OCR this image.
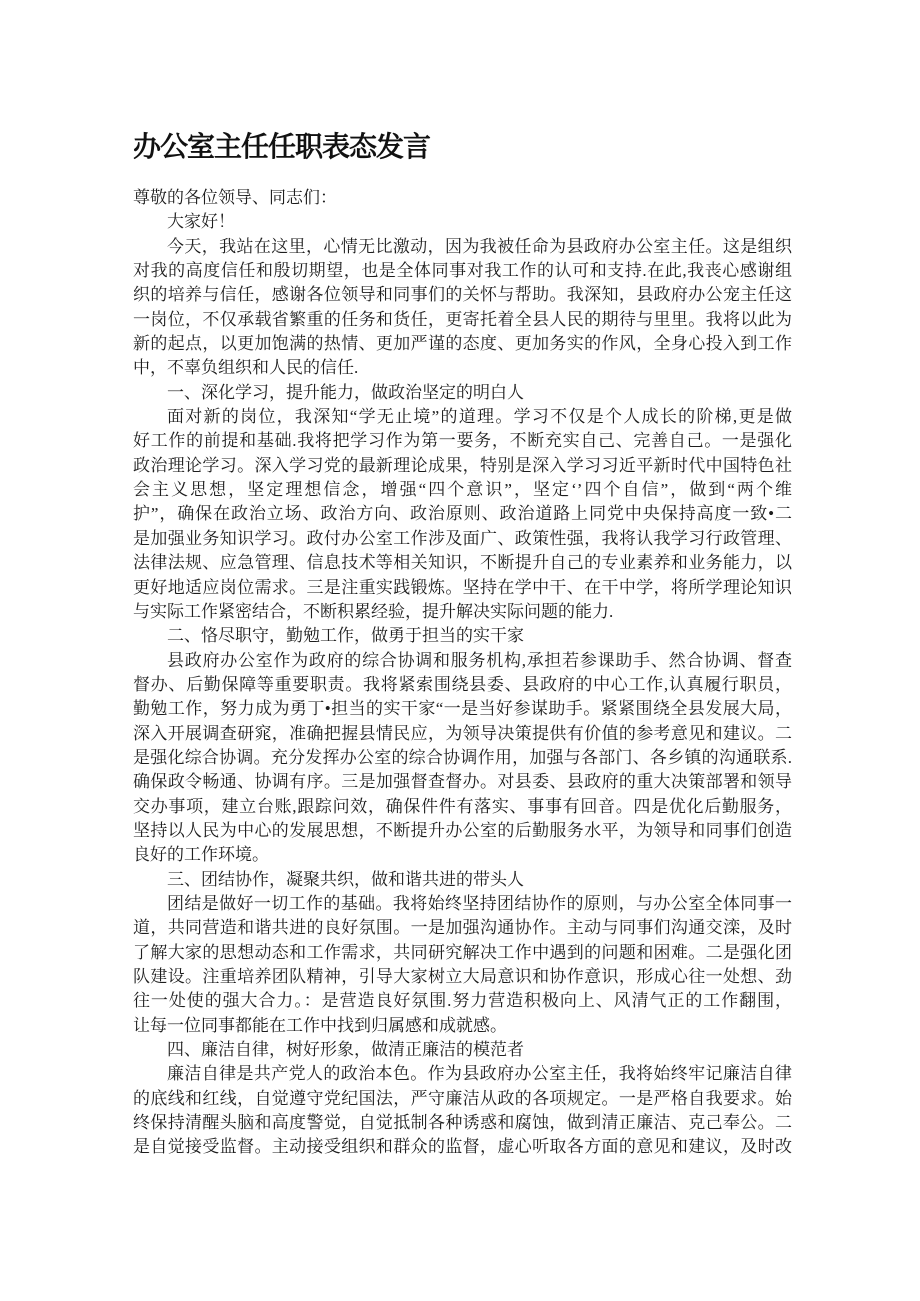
办公室主任任职表态发言
尊敬的各位领导、同志们：
大家好！
今天，我站在这里，心情无比激动，因为我被任命为县政府办公室主任。这是组织
对我的高度信任和殷切期望，也是全体同事对我工作的认可和支持.在此,我丧心感谢组
织的培养与信任，感谢各位领导和同事们的关怀与帮助。我深知，县政府办公宠主任这
一岗位，不仅承载省繁重的任务和货任，更寄托着全县人民的期待与里里。我将以此为
新的起点，以更加饱满的热情、更加严谨的态度、更加务实的作风，全身心投入到工作
中，不辜负组织和人民的信任.
一、深化学习，提升能力，做政治坚定的明白人
面对新的岗位，我深知“学无止境”的道理。学习不仅是个人成长的阶梯,更是做
好工作的前提和基础.我将把学习作为第一要务，不断充实自己、完善自己。一是强化
政治理论学习。深入学习党的最新理论成果，特别是深入学习习近平新时代中国特色社
会主义思想，坚定理想信念，增强“四个意识”，坚定‘’四个自信”，做到“两个维
护”，确保在政治立场、政治方向、政治原则、政治道路上同党中央保持高度一致•二
是加强业务知识学习。政付办公室工作涉及面广、政策性强，我将认我学习行政管理、
法律法规、应急管理、信息技术等相关知识，不断提升自己的专业素养和业务能力，以
更好地适应岗位需求。三是注重实践锻炼。坚持在学中干、在干中学，将所学理论知识
与实际工作紧密结合，不断积累经验，提升解决实际问题的能力.
二、恪尽职守，勤勉工作，做勇于担当的实干家
县政府办公室作为政府的综合协调和服务机构,承担若参课助手、然合协调、督查
督办、后勤保障等重要职责。我将紧索围绕县委、县政府的中心工作,认真履行职员，
勤勉工作，努力成为勇丁•担当的实干家“一是当好参谋助手。紧紧围绕全县发展大局，
深入开展调查研窕，准确把握县情民应，为领导决策提供有价值的参考意见和建议。二
是强化综合协调。充分发挥办公室的综合协调作用，加强与各部门、各乡镇的沟通联系.
确保政令畅通、协调有序。三是加强督查督办。对县委、县政府的重大决策部署和领导
交办事项，建立台账,跟踪问效，确保件件有落实、事事有回音。四是优化后勤服务，
坚持以人民为中心的发展思想，不断提升办公室的后勤服务水平，为领导和同事们创造
良好的工作环境。
三、团结协作，凝聚共织，做和谐共进的带头人
团结是做好一切工作的基础。我将始终坚持团结协作的原则，与办公室全体同事一
道，共同营造和谐共进的良好氛围。一是加强沟通协作。主动与同事们沟通交滦，及时
了解大家的思想动态和工作需求，共同研究解决工作中遇到的问题和困难。二是强化团
队建设。注重培养团队精神，引导大家树立大局意识和协作意识，形成心往一处想、劲
往一处使的强大合力。：是营造良好氛围.努力营造积极向上、风清气正的工作翻围，
让每一位同事都能在工作中找到归属感和成就感。
四、廉洁自律，树好形象，做清正廉洁的模范者
廉洁自律是共产党人的政治本色。作为县政府办公室主任，我将始终牢记廉洁自律
的底线和红线，自觉遵守党纪国法，严守廉洁从政的各项规定。一是严格自我要求。始
终保持清醒头脑和高度警觉，自觉抵制各种诱惑和腐蚀，做到清正廉洁、克己奉公。二
是自觉接受监督。主动接受组织和群众的监督，虚心听取各方面的意见和建议，及时改
